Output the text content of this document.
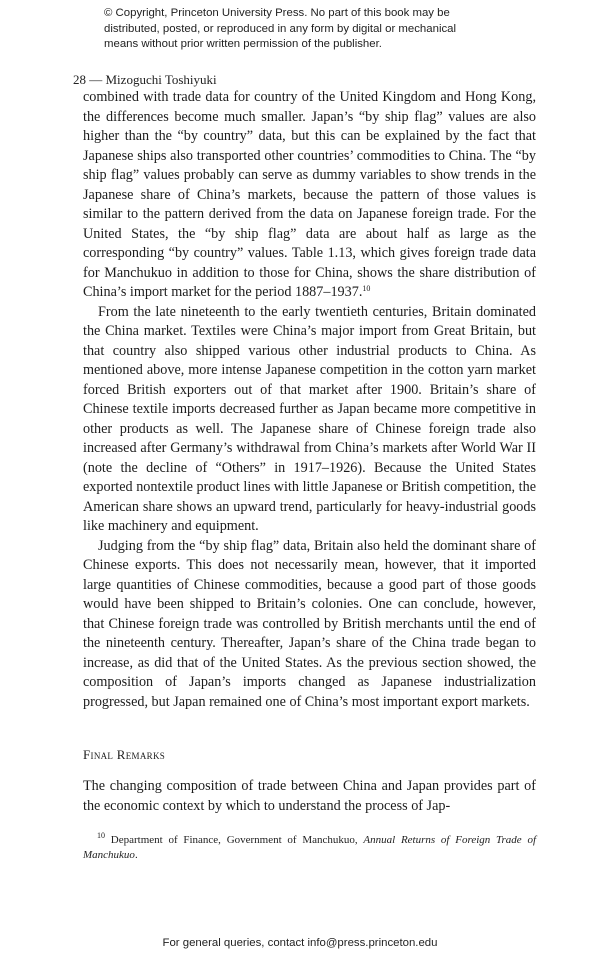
© Copyright, Princeton University Press. No part of this book may be
distributed, posted, or reproduced in any form by digital or mechanical
means without prior written permission of the publisher.
28 — Mizoguchi Toshiyuki

combined with trade data for country of the United Kingdom and Hong Kong, the differences become much smaller. Japan’s “by ship flag” values are also higher than the “by country” data, but this can be explained by the fact that Japanese ships also transported other countries’ commodities to China. The “by ship flag” values probably can serve as dummy variables to show trends in the Japanese share of China’s markets, because the pattern of those values is similar to the pattern derived from the data on Japanese foreign trade. For the United States, the “by ship flag” data are about half as large as the corresponding “by country” values. Table 1.13, which gives foreign trade data for Manchukuo in addition to those for China, shows the share distribution of China’s import market for the period 1887–1937.10

From the late nineteenth to the early twentieth centuries, Britain dominated the China market. Textiles were China’s major import from Great Britain, but that country also shipped various other industrial products to China. As mentioned above, more intense Japanese competition in the cotton yarn market forced British exporters out of that market after 1900. Britain’s share of Chinese textile imports decreased further as Japan became more competitive in other products as well. The Japanese share of Chinese foreign trade also increased after Germany’s withdrawal from China’s markets after World War II (note the decline of “Others” in 1917–1926). Because the United States exported nontextile product lines with little Japanese or British competition, the American share shows an upward trend, particularly for heavy-industrial goods like machinery and equipment.

Judging from the “by ship flag” data, Britain also held the dominant share of Chinese exports. This does not necessarily mean, however, that it imported large quantities of Chinese commodities, because a good part of those goods would have been shipped to Britain’s colonies. One can conclude, however, that Chinese foreign trade was controlled by British merchants until the end of the nineteenth century. Thereafter, Japan’s share of the China trade began to increase, as did that of the United States. As the previous section showed, the composition of Japan’s imports changed as Japanese industrialization progressed, but Japan remained one of China’s most important export markets.

Final Remarks

The changing composition of trade between China and Japan provides part of the economic context by which to understand the process of Jap-

$^{10}$ Department of Finance, Government of Manchukuo, Annual Returns of Foreign Trade of Manchukuo.

For general queries, contact info@press.princeton.edu
